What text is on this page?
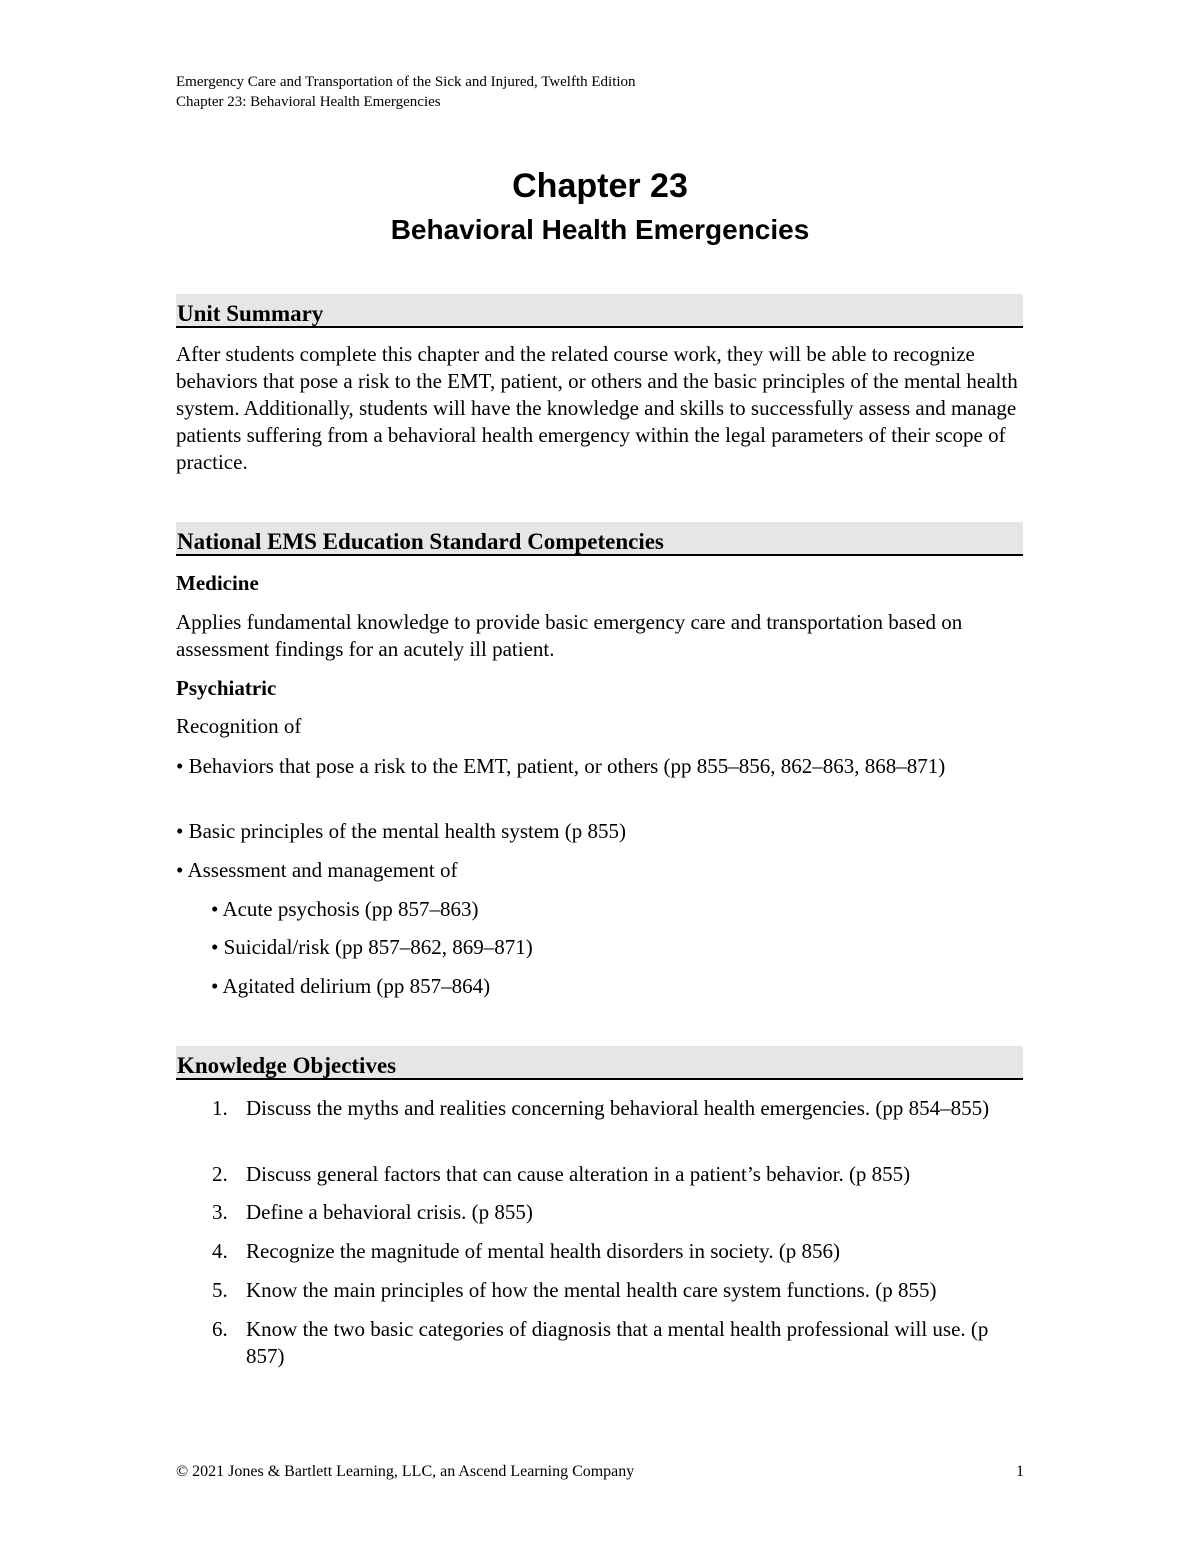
Emergency Care and Transportation of the Sick and Injured, Twelfth Edition
Chapter 23: Behavioral Health Emergencies
Chapter 23
Behavioral Health Emergencies
Unit Summary
After students complete this chapter and the related course work, they will be able to recognize behaviors that pose a risk to the EMT, patient, or others and the basic principles of the mental health system. Additionally, students will have the knowledge and skills to successfully assess and manage patients suffering from a behavioral health emergency within the legal parameters of their scope of practice.
National EMS Education Standard Competencies
Medicine
Applies fundamental knowledge to provide basic emergency care and transportation based on assessment findings for an acutely ill patient.
Psychiatric
Recognition of
• Behaviors that pose a risk to the EMT, patient, or others (pp 855–856, 862–863, 868–871)
• Basic principles of the mental health system (p 855)
• Assessment and management of
• Acute psychosis (pp 857–863)
• Suicidal/risk (pp 857–862, 869–871)
• Agitated delirium (pp 857–864)
Knowledge Objectives
1. Discuss the myths and realities concerning behavioral health emergencies. (pp 854–855)
2. Discuss general factors that can cause alteration in a patient’s behavior. (p 855)
3. Define a behavioral crisis. (p 855)
4. Recognize the magnitude of mental health disorders in society. (p 856)
5. Know the main principles of how the mental health care system functions. (p 855)
6. Know the two basic categories of diagnosis that a mental health professional will use. (p 857)
© 2021 Jones & Bartlett Learning, LLC, an Ascend Learning Company	1
